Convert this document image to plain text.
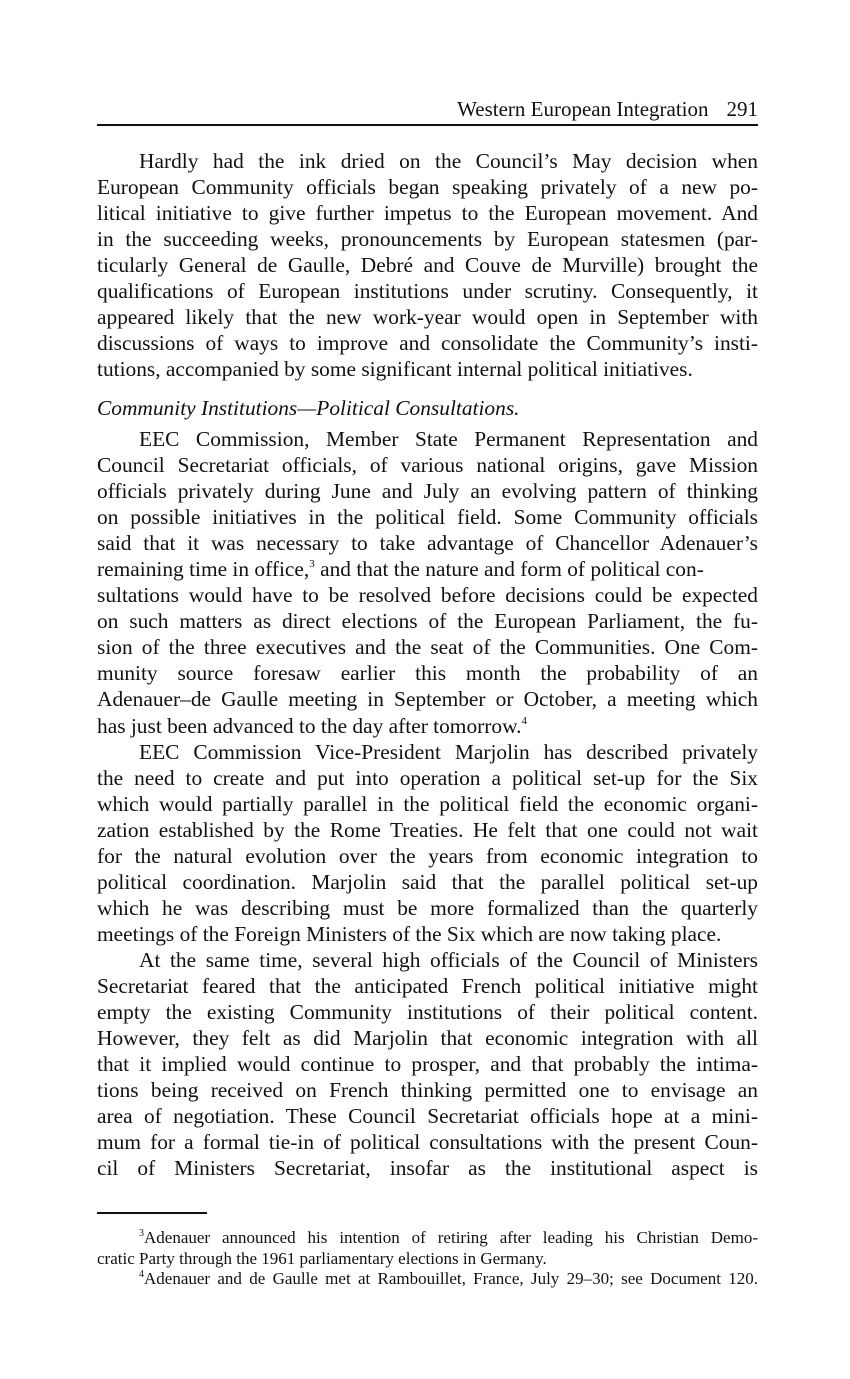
Western European Integration 291
Hardly had the ink dried on the Council’s May decision when
European Community officials began speaking privately of a new po-
litical initiative to give further impetus to the European movement. And
in the succeeding weeks, pronouncements by European statesmen (par-
ticularly General de Gaulle, Debré and Couve de Murville) brought the
qualifications of European institutions under scrutiny. Consequently, it
appeared likely that the new work-year would open in September with
discussions of ways to improve and consolidate the Community’s insti-
tutions, accompanied by some significant internal political initiatives.
Community Institutions—Political Consultations.
EEC Commission, Member State Permanent Representation and
Council Secretariat officials, of various national origins, gave Mission
officials privately during June and July an evolving pattern of thinking
on possible initiatives in the political field. Some Community officials
said that it was necessary to take advantage of Chancellor Adenauer’s
remaining time in office,$^3$ and that the nature and form of political con-
sultations would have to be resolved before decisions could be expected
on such matters as direct elections of the European Parliament, the fu-
sion of the three executives and the seat of the Communities. One Com-
munity source foresaw earlier this month the probability of an
Adenauer–de Gaulle meeting in September or October, a meeting which
has just been advanced to the day after tomorrow.$^4$
EEC Commission Vice-President Marjolin has described privately
the need to create and put into operation a political set-up for the Six
which would partially parallel in the political field the economic organi-
zation established by the Rome Treaties. He felt that one could not wait
for the natural evolution over the years from economic integration to
political coordination. Marjolin said that the parallel political set-up
which he was describing must be more formalized than the quarterly
meetings of the Foreign Ministers of the Six which are now taking place.
At the same time, several high officials of the Council of Ministers
Secretariat feared that the anticipated French political initiative might
empty the existing Community institutions of their political content.
However, they felt as did Marjolin that economic integration with all
that it implied would continue to prosper, and that probably the intima-
tions being received on French thinking permitted one to envisage an
area of negotiation. These Council Secretariat officials hope at a mini-
mum for a formal tie-in of political consultations with the present Coun-
cil of Ministers Secretariat, insofar as the institutional aspect is
$^3$Adenauer announced his intention of retiring after leading his Christian Demo-
cratic Party through the 1961 parliamentary elections in Germany.
$^4$Adenauer and de Gaulle met at Rambouillet, France, July 29–30; see Document 120.
